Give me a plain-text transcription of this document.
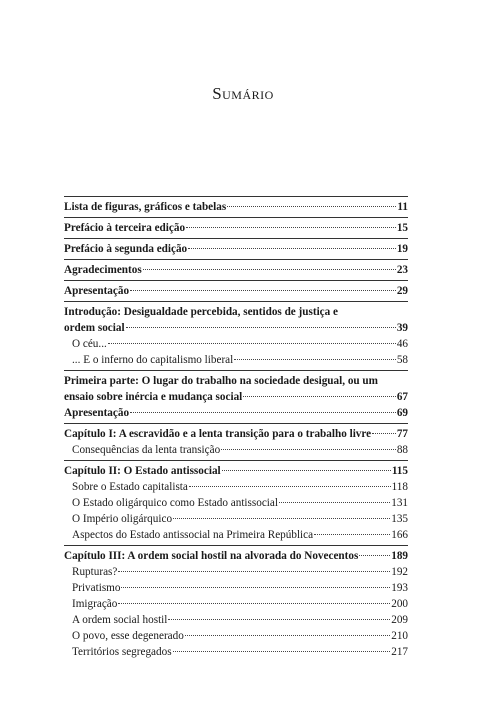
Sumário
Lista de figuras, gráficos e tabelas	11
Prefácio à terceira edição	15
Prefácio à segunda edição	19
Agradecimentos	23
Apresentação	29
Introdução: Desigualdade percebida, sentidos de justiça e
ordem social	39
O céu...	46
... E o inferno do capitalismo liberal	58
Primeira parte: O lugar do trabalho na sociedade desigual, ou um
ensaio sobre inércia e mudança social	67
Apresentação	69
Capítulo I: A escravidão e a lenta transição para o trabalho livre 77
Consequências da lenta transição	88
Capítulo II: O Estado antissocial	115
Sobre o Estado capitalista	118
O Estado oligárquico como Estado antissocial	131
O Império oligárquico	135
Aspectos do Estado antissocial na Primeira República	166
Capítulo III: A ordem social hostil na alvorada do Novecentos	189
Rupturas?	192
Privatismo	193
Imigração	200
A ordem social hostil	209
O povo, esse degenerado	210
Territórios segregados	217
